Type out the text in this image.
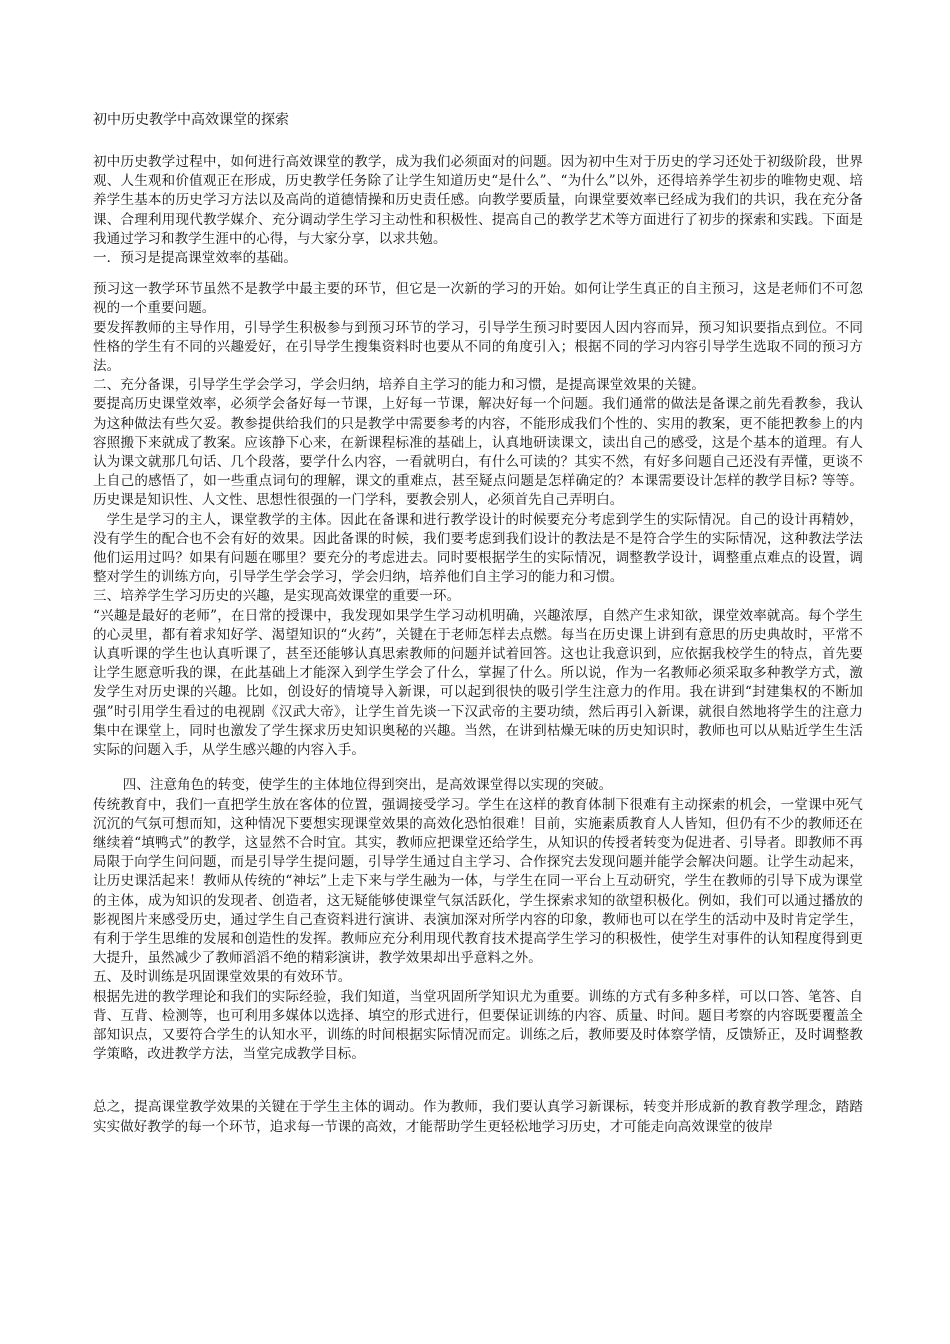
初中历史教学中高效课堂的探索

初中历史教学过程中，如何进行高效课堂的教学，成为我们必须面对的问题。因为初中生对于历史的学习还处于初级阶段，世界观、人生观和价值观正在形成，历史教学任务除了让学生知道历史“是什么”、“为什么”以外，还得培养学生初步的唯物史观、培养学生基本的历史学习方法以及高尚的道德情操和历史责任感。向教学要质量，向课堂要效率已经成为我们的共识，我在充分备课、合理利用现代教学媒介、充分调动学生学习主动性和积极性、提高自己的教学艺术等方面进行了初步的探索和实践。下面是我通过学习和教学生涯中的心得，与大家分享，以求共勉。

一．预习是提高课堂效率的基础。

预习这一教学环节虽然不是教学中最主要的环节，但它是一次新的学习的开始。如何让学生真正的自主预习，这是老师们不可忽视的一个重要问题。

要发挥教师的主导作用，引导学生积极参与到预习环节的学习，引导学生预习时要因人因内容而异，预习知识要指点到位。不同性格的学生有不同的兴趣爱好，在引导学生搜集资料时也要从不同的角度引入；根据不同的学习内容引导学生选取不同的预习方法。

二、充分备课，引导学生学会学习，学会归纳，培养自主学习的能力和习惯，是提高课堂效果的关键。

要提高历史课堂效率，必须学会备好每一节课，上好每一节课，解决好每一个问题。我们通常的做法是备课之前先看教参，我认为这种做法有些欠妥。教参提供给我们的只是教学中需要参考的内容，不能形成我们个性的、实用的教案，更不能把教参上的内容照搬下来就成了教案。应该静下心来，在新课程标准的基础上，认真地研读课文，读出自己的感受，这是个基本的道理。有人认为课文就那几句话、几个段落，要学什么内容，一看就明白，有什么可读的？其实不然，有好多问题自己还没有弄懂，更谈不上自己的感悟了，如一些重点词句的理解，课文的重难点，甚至疑点问题是怎样确定的？本课需要设计怎样的教学目标? 等等。历史课是知识性、人文性、思想性很强的一门学科，要教会别人，必须首先自己弄明白。

学生是学习的主人，课堂教学的主体。因此在备课和进行教学设计的时候要充分考虑到学生的实际情况。自己的设计再精妙，没有学生的配合也不会有好的效果。因此备课的时候，我们要考虑到我们设计的教法是不是符合学生的实际情况，这种教法学法他们运用过吗？如果有问题在哪里？要充分的考虑进去。同时要根据学生的实际情况，调整教学设计，调整重点难点的设置，调整对学生的训练方向，引导学生学会学习，学会归纳，培养他们自主学习的能力和习惯。

三、培养学生学习历史的兴趣，是实现高效课堂的重要一环。

“兴趣是最好的老师”，在日常的授课中，我发现如果学生学习动机明确，兴趣浓厚，自然产生求知欲，课堂效率就高。每个学生的心灵里，都有着求知好学、渴望知识的“火药”，关键在于老师怎样去点燃。每当在历史课上讲到有意思的历史典故时，平常不认真听课的学生也认真听课了，甚至还能够认真思索教师的问题并试着回答。这也让我意识到，应依据我校学生的特点，首先要让学生愿意听我的课，在此基础上才能深入到学生学会了什么，掌握了什么。所以说，作为一名教师必须采取多种教学方式，激发学生对历史课的兴趣。比如，创设好的情境导入新课，可以起到很快的吸引学生注意力的作用。我在讲到“封建集权的不断加强”时引用学生看过的电视剧《汉武大帝》，让学生首先谈一下汉武帝的主要功绩，然后再引入新课，就很自然地将学生的注意力集中在课堂上，同时也激发了学生探求历史知识奥秘的兴趣。当然，在讲到枯燥无味的历史知识时，教师也可以从贴近学生生活实际的问题入手，从学生感兴趣的内容入手。

四、注意角色的转变，使学生的主体地位得到突出，是高效课堂得以实现的突破。

传统教育中，我们一直把学生放在客体的位置，强调接受学习。学生在这样的教育体制下很难有主动探索的机会，一堂课中死气沉沉的气氛可想而知，这种情况下要想实现课堂效果的高效化恐怕很难！目前，实施素质教育人人皆知，但仍有不少的教师还在继续着“填鸭式”的教学，这显然不合时宜。其实，教师应把课堂还给学生，从知识的传授者转变为促进者、引导者。即教师不再局限于向学生问问题，而是引导学生提问题，引导学生通过自主学习、合作探究去发现问题并能学会解决问题。让学生动起来，让历史课活起来！教师从传统的“神坛”上走下来与学生融为一体，与学生在同一平台上互动研究，学生在教师的引导下成为课堂的主体，成为知识的发现者、创造者，这无疑能够使课堂气氛活跃化，学生探索求知的欲望积极化。例如，我们可以通过播放的影视图片来感受历史，通过学生自己查资料进行演讲、表演加深对所学内容的印象，教师也可以在学生的活动中及时肯定学生，有利于学生思维的发展和创造性的发挥。教师应充分利用现代教育技术提高学生学习的积极性，使学生对事件的认知程度得到更大提升，虽然减少了教师滔滔不绝的精彩演讲，教学效果却出乎意料之外。

五、及时训练是巩固课堂效果的有效环节。

根据先进的教学理论和我们的实际经验，我们知道，当堂巩固所学知识尤为重要。训练的方式有多种多样，可以口答、笔答、自背、互背、检测等，也可利用多媒体以选择、填空的形式进行，但要保证训练的内容、质量、时间。题目考察的内容既要覆盖全部知识点，又要符合学生的认知水平，训练的时间根据实际情况而定。训练之后，教师要及时体察学情，反馈矫正，及时调整教学策略，改进教学方法，当堂完成教学目标。

总之，提高课堂教学效果的关键在于学生主体的调动。作为教师，我们要认真学习新课标，转变并形成新的教育教学理念，踏踏实实做好教学的每一个环节，追求每一节课的高效，才能帮助学生更轻松地学习历史，才可能走向高效课堂的彼岸
